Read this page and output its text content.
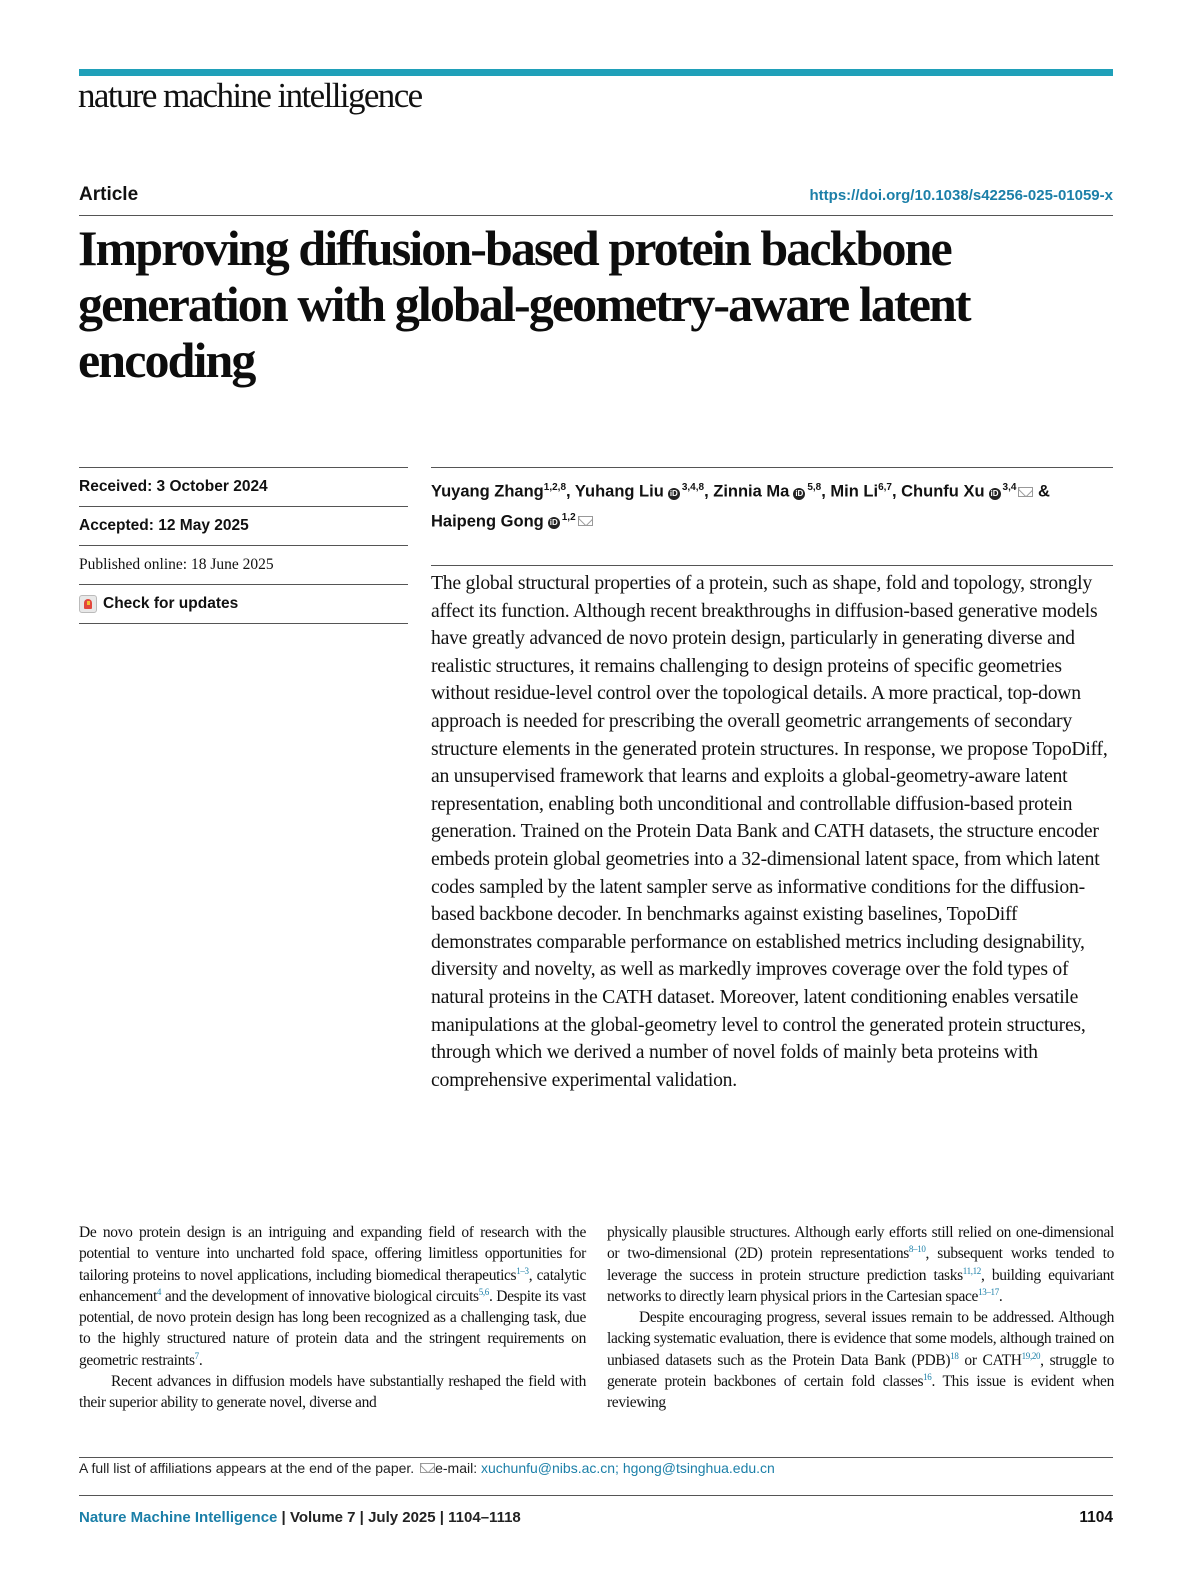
nature machine intelligence
Article	https://doi.org/10.1038/s42256-025-01059-x
Improving diffusion-based protein backbone generation with global-geometry-aware latent encoding
Received: 3 October 2024
Accepted: 12 May 2025
Published online: 18 June 2025
Check for updates
Yuyang Zhang$^{1,2,8}$, Yuhang Liu iD $^{3,4,8}$, Zinnia Ma iD $^{5,8}$, Min Li$^{6,7}$, Chunfu Xu iD $^{3,4}$ & Haipeng Gong iD $^{1,2}$

The global structural properties of a protein, such as shape, fold and topology, strongly affect its function. Although recent breakthroughs in diffusion-based generative models have greatly advanced de novo protein design, particularly in generating diverse and realistic structures, it remains challenging to design proteins of specific geometries without residue-level control over the topological details. A more practical, top-down approach is needed for prescribing the overall geometric arrangements of secondary structure elements in the generated protein structures. In response, we propose TopoDiff, an unsupervised framework that learns and exploits a global-geometry-aware latent representation, enabling both unconditional and controllable diffusion-based protein generation. Trained on the Protein Data Bank and CATH datasets, the structure encoder embeds protein global geometries into a 32-dimensional latent space, from which latent codes sampled by the latent sampler serve as informative conditions for the diffusion-based backbone decoder. In benchmarks against existing baselines, TopoDiff demonstrates comparable performance on established metrics including designability, diversity and novelty, as well as markedly improves coverage over the fold types of natural proteins in the CATH dataset. Moreover, latent conditioning enables versatile manipulations at the global-geometry level to control the generated protein structures, through which we derived a number of novel folds of mainly beta proteins with comprehensive experimental validation.

De novo protein design is an intriguing and expanding field of research with the potential to venture into uncharted fold space, offering limitless opportunities for tailoring proteins to novel applications, including biomedical therapeutics$^{1-3}$, catalytic enhancement$^4$ and the development of innovative biological circuits$^{5,6}$. Despite its vast potential, de novo protein design has long been recognized as a challenging task, due to the highly structured nature of protein data and the stringent requirements on geometric restraints$^7$.

Recent advances in diffusion models have substantially reshaped the field with their superior ability to generate novel, diverse and

physically plausible structures. Although early efforts still relied on one-dimensional or two-dimensional (2D) protein representations$^{8-10}$, subsequent works tended to leverage the success in protein structure prediction tasks$^{11,12}$, building equivariant networks to directly learn physical priors in the Cartesian space$^{13-17}$.

Despite encouraging progress, several issues remain to be addressed. Although lacking systematic evaluation, there is evidence that some models, although trained on unbiased datasets such as the Protein Data Bank (PDB)$^{18}$ or CATH$^{19,20}$, struggle to generate protein backbones of certain fold classes$^{16}$. This issue is evident when reviewing

A full list of affiliations appears at the end of the paper. e-mail: xuchunfu@nibs.ac.cn; hgong@tsinghua.edu.cn
Nature Machine Intelligence | Volume 7 | July 2025 | 1104–1118	1104
